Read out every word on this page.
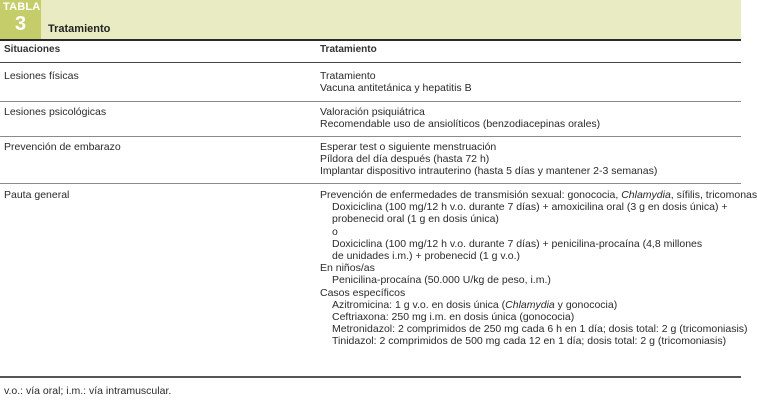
TABLA
3	Tratamiento
Situaciones	Tratamiento
Lesiones físicas	Tratamiento
Vacuna antitetánica y hepatitis B
Lesiones psicológicas	Valoración psiquiátrica
Recomendable uso de ansiolíticos (benzodiacepinas orales)
Prevención de embarazo	Esperar test o siguiente menstruación
Píldora del día después (hasta 72 h)
Implantar dispositivo intrauterino (hasta 5 días y mantener 2-3 semanas)
Pauta general	Prevención de enfermedades de transmisión sexual: gonococia, Chlamydia, sífilis, tricomonas
Doxiciclina (100 mg/12 h v.o. durante 7 días) + amoxicilina oral (3 g en dosis única) +
probenecid oral (1 g en dosis única)
o
Doxiciclina (100 mg/12 h v.o. durante 7 días) + penicilina-procaína (4,8 millones
de unidades i.m.) + probenecid (1 g v.o.)
En niños/as
Penicilina-procaína (50.000 U/kg de peso, i.m.)
Casos específicos
Azitromicina: 1 g v.o. en dosis única (Chlamydia y gonococia)
Ceftriaxona: 250 mg i.m. en dosis única (gonococia)
Metronidazol: 2 comprimidos de 250 mg cada 6 h en 1 día; dosis total: 2 g (tricomoniasis)
Tinidazol: 2 comprimidos de 500 mg cada 12 en 1 día; dosis total: 2 g (tricomoniasis)
v.o.: vía oral; i.m.: vía intramuscular.
